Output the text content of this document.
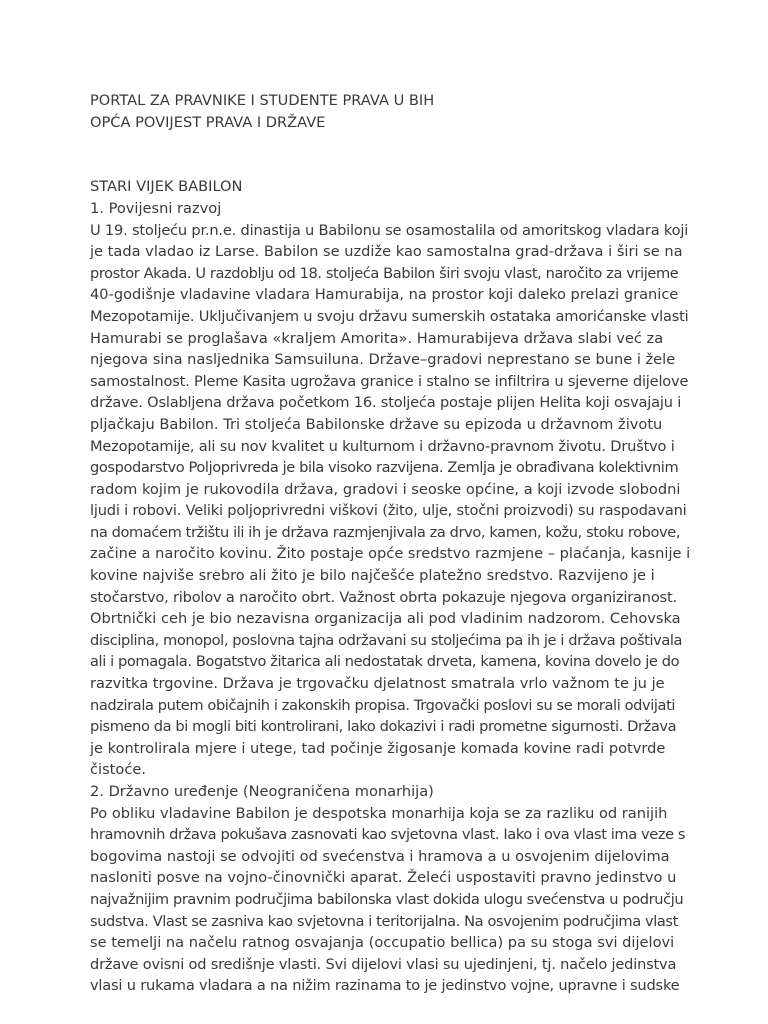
PORTAL ZA PRAVNIKE I STUDENTE PRAVA U BIH
OPĆA POVIJEST PRAVA I DRŽAVE
STARI VIJEK BABILON
1. Povijesni razvoj
U 19. stoljeću pr.n.e. dinastija u Babilonu se osamostalila od amoritskog vladara koji
je tada vladao iz Larse. Babilon se uzdiže kao samostalna grad-država i širi se na
prostor Akada. U razdoblju od 18. stoljeća Babilon širi svoju vlast, naročito za vrijeme
40-godišnje vladavine vladara Hamurabija, na prostor koji daleko prelazi granice
Mezopotamije. Uključivanjem u svoju državu sumerskih ostataka amorićanske vlasti
Hamurabi se proglašava «kraljem Amorita». Hamurabijeva država slabi već za
njegova sina nasljednika Samsuiluna. Države–gradovi neprestano se bune i žele
samostalnost. Pleme Kasita ugrožava granice i stalno se infiltrira u sjeverne dijelove
države. Oslabljena država početkom 16. stoljeća postaje plijen Helita koji osvajaju i
pljačkaju Babilon. Tri stoljeća Babilonske države su epizoda u državnom životu
Mezopotamije, ali su nov kvalitet u kulturnom i državno-pravnom životu. Društvo i
gospodarstvo Poljoprivreda je bila visoko razvijena. Zemlja je obrađivana kolektivnim
radom kojim je rukovodila država, gradovi i seoske općine, a koji izvode slobodni
ljudi i robovi. Veliki poljoprivredni viškovi (žito, ulje, stočni proizvodi) su raspodavani
na domaćem tržištu ili ih je država razmjenjivala za drvo, kamen, kožu, stoku robove,
začine a naročito kovinu. Žito postaje opće sredstvo razmjene – plaćanja, kasnije i
kovine najviše srebro ali žito je bilo najčešće platežno sredstvo. Razvijeno je i
stočarstvo, ribolov a naročito obrt. Važnost obrta pokazuje njegova organiziranost.
Obrtnički ceh je bio nezavisna organizacija ali pod vladinim nadzorom. Cehovska
disciplina, monopol, poslovna tajna održavani su stoljećima pa ih je i država poštivala
ali i pomagala. Bogatstvo žitarica ali nedostatak drveta, kamena, kovina dovelo je do
razvitka trgovine. Država je trgovačku djelatnost smatrala vrlo važnom te ju je
nadzirala putem običajnih i zakonskih propisa. Trgovački poslovi su se morali odvijati
pismeno da bi mogli biti kontrolirani, lako dokazivi i radi prometne sigurnosti. Država
je kontrolirala mjere i utege, tad počinje žigosanje komada kovine radi potvrde
čistoće.
2. Državno uređenje (Neograničena monarhija)
Po obliku vladavine Babilon je despotska monarhija koja se za razliku od ranijih
hramovnih država pokušava zasnovati kao svjetovna vlast. Iako i ova vlast ima veze s
bogovima nastoji se odvojiti od svećenstva i hramova a u osvojenim dijelovima
nasloniti posve na vojno-činovnički aparat. Želeći uspostaviti pravno jedinstvo u
najvažnijim pravnim područjima babilonska vlast dokida ulogu svećenstva u području
sudstva. Vlast se zasniva kao svjetovna i teritorijalna. Na osvojenim područjima vlast
se temelji na načelu ratnog osvajanja (occupatio bellica) pa su stoga svi dijelovi
države ovisni od središnje vlasti. Svi dijelovi vlasi su ujedinjeni, tj. načelo jedinstva
vlasi u rukama vladara a na nižim razinama to je jedinstvo vojne, upravne i sudske
